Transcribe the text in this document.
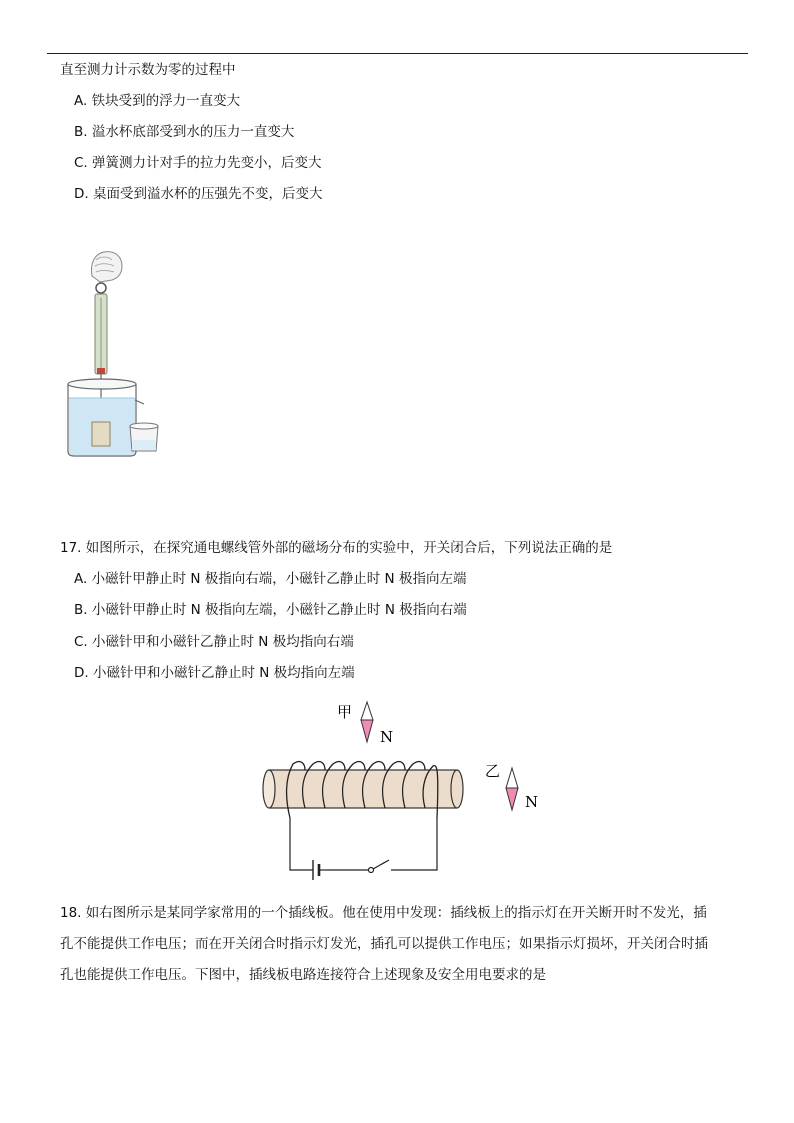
直至测力计示数为零的过程中
A. 铁块受到的浮力一直变大
B. 溢水杯底部受到水的压力一直变大
C. 弹簧测力计对手的拉力先变小，后变大
D. 桌面受到溢水杯的压强先不变，后变大
17. 如图所示，在探究通电螺线管外部的磁场分布的实验中，开关闭合后，下列说法正确的是
A. 小磁针甲静止时 N 极指向右端，小磁针乙静止时 N 极指向左端
B. 小磁针甲静止时 N 极指向左端，小磁针乙静止时 N 极指向右端
C. 小磁针甲和小磁针乙静止时 N 极均指向右端
D. 小磁针甲和小磁针乙静止时 N 极均指向左端
甲
N
乙
N
18. 如右图所示是某同学家常用的一个插线板。他在使用中发现：插线板上的指示灯在开关断开时不发光，插
孔不能提供工作电压；而在开关闭合时指示灯发光，插孔可以提供工作电压；如果指示灯损坏，开关闭合时插
孔也能提供工作电压。下图中，插线板电路连接符合上述现象及安全用电要求的是
